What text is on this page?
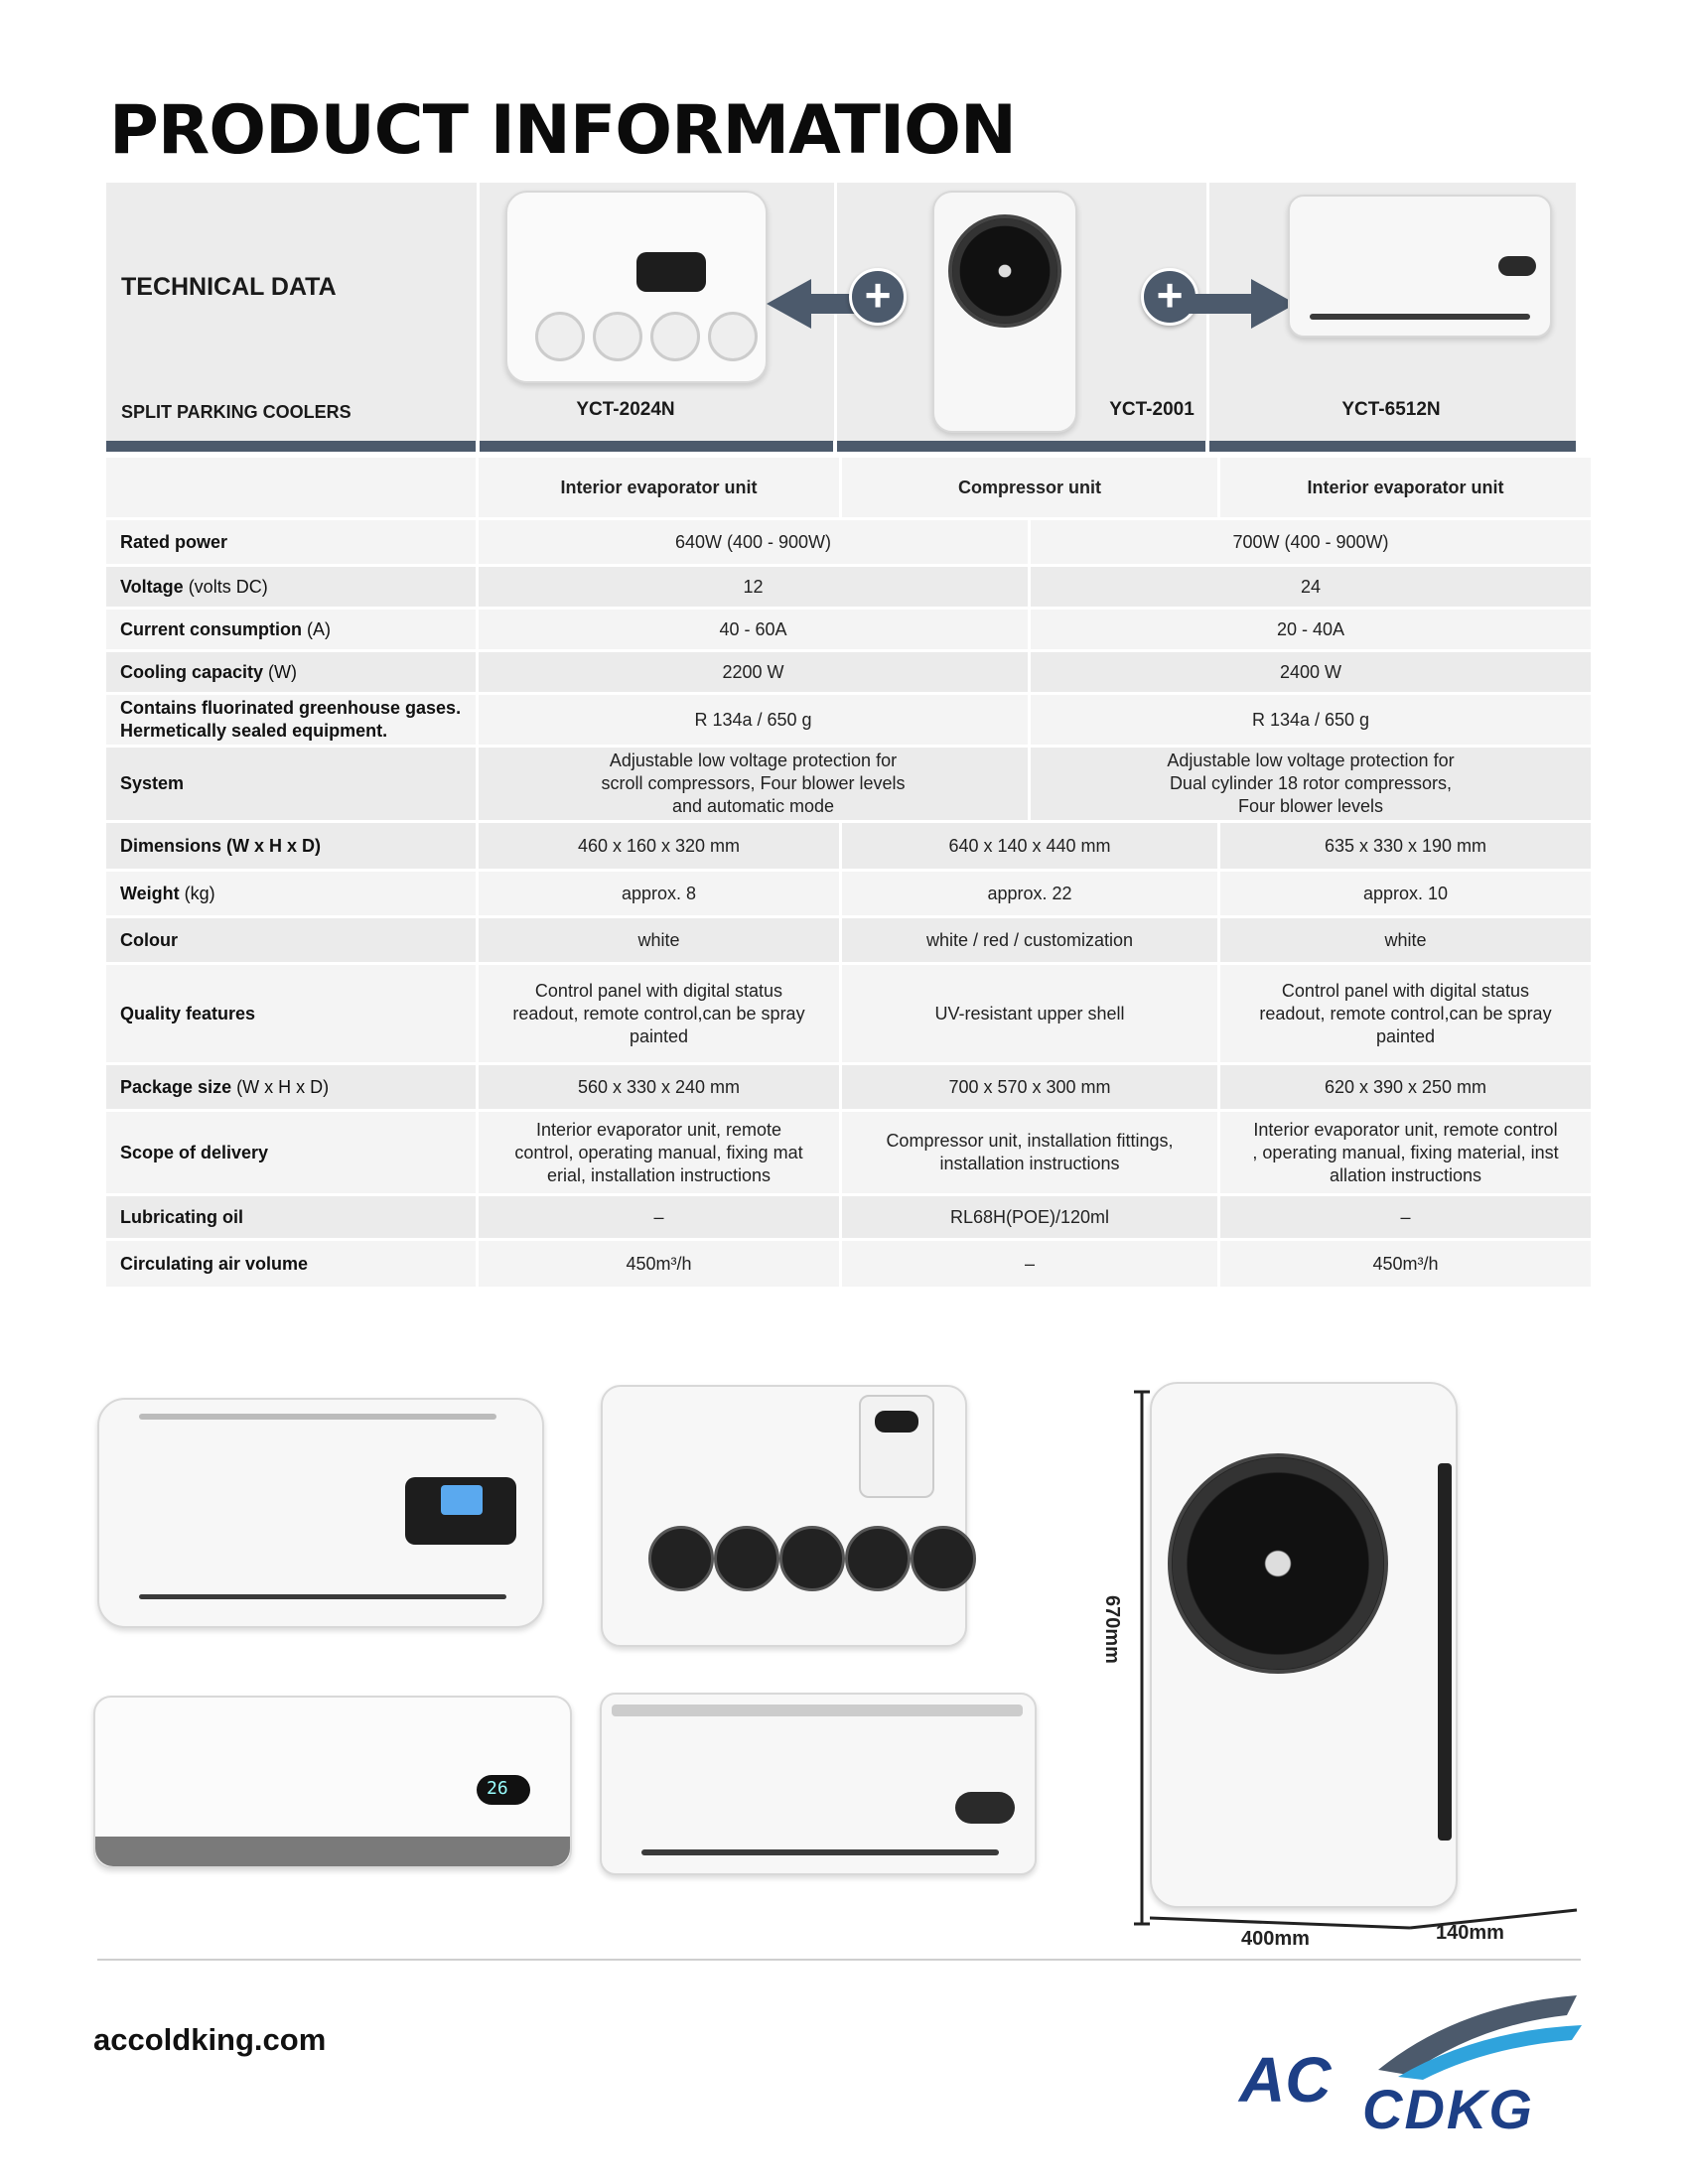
PRODUCT INFORMATION
+	+
TECHNICAL DATA
SPLIT PARKING COOLERS	YCT-2024N	YCT-2001	YCT-6512N
	Interior evaporator unit	Compressor unit		Interior evaporator unit
Rated power	640W (400 - 900W)		700W (400 - 900W)	
Voltage (volts DC)	12		24	
Current consumption (A)	40 - 60A		20 - 40A	
Cooling capacity (W)	2200 W		2400 W	
Contains fluorinated greenhouse gases.
Hermetically sealed equipment.	R 134a / 650 g		R 134a / 650 g	
System	Adjustable low voltage protection for
scroll compressors, Four blower levels
and automatic mode		Adjustable low voltage protection for
Dual cylinder 18 rotor compressors,
Four blower levels	
Dimensions (W x H x D)	460 x 160 x 320 mm	640 x 140 x 440 mm		635 x 330 x 190 mm
Weight (kg)	approx. 8	approx. 22		approx. 10
Colour	white	white / red / customization		white
Quality features	Control panel with digital status
readout, remote control,can be spray
painted	UV-resistant upper shell		Control panel with digital status
readout, remote control,can be spray
painted
Package size (W x H x D)	560 x 330 x 240 mm	700 x 570 x 300 mm		620 x 390 x 250 mm
Scope of delivery	Interior evaporator unit, remote
control, operating manual, fixing mat
erial, installation instructions	Compressor unit, installation fittings,
installation instructions		Interior evaporator unit, remote control
, operating manual, fixing material, inst
allation instructions
Lubricating oil	–	RL68H(POE)/120ml		–
Circulating air volume	450m³/h	–		450m³/h
26
670mm
400mm	140mm
accoldking.com
AC CDKG
